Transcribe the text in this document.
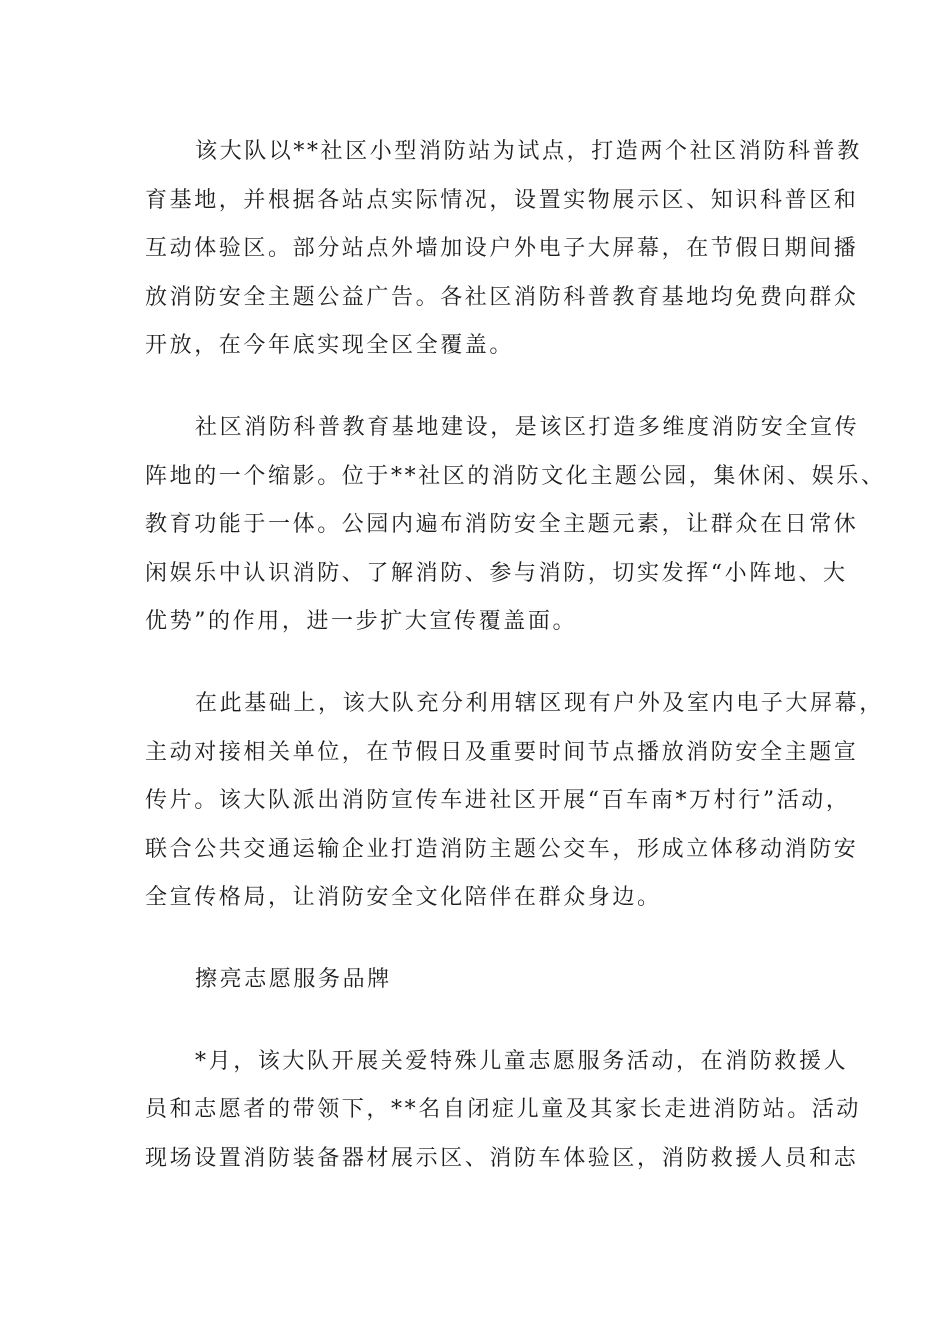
该大队以**社区小型消防站为试点，打造两个社区消防科普教
育基地，并根据各站点实际情况，设置实物展示区、知识科普区和
互动体验区。部分站点外墙加设户外电子大屏幕，在节假日期间播
放消防安全主题公益广告。各社区消防科普教育基地均免费向群众
开放，在今年底实现全区全覆盖。
社区消防科普教育基地建设，是该区打造多维度消防安全宣传
阵地的一个缩影。位于**社区的消防文化主题公园，集休闲、娱乐、
教育功能于一体。公园内遍布消防安全主题元素，让群众在日常休
闲娱乐中认识消防、了解消防、参与消防，切实发挥“小阵地、大
优势”的作用，进一步扩大宣传覆盖面。
在此基础上，该大队充分利用辖区现有户外及室内电子大屏幕，
主动对接相关单位，在节假日及重要时间节点播放消防安全主题宣
传片。该大队派出消防宣传车进社区开展“百车南*万村行”活动，
联合公共交通运输企业打造消防主题公交车，形成立体移动消防安
全宣传格局，让消防安全文化陪伴在群众身边。
擦亮志愿服务品牌
*月，该大队开展关爱特殊儿童志愿服务活动，在消防救援人
员和志愿者的带领下，**名自闭症儿童及其家长走进消防站。活动
现场设置消防装备器材展示区、消防车体验区，消防救援人员和志
